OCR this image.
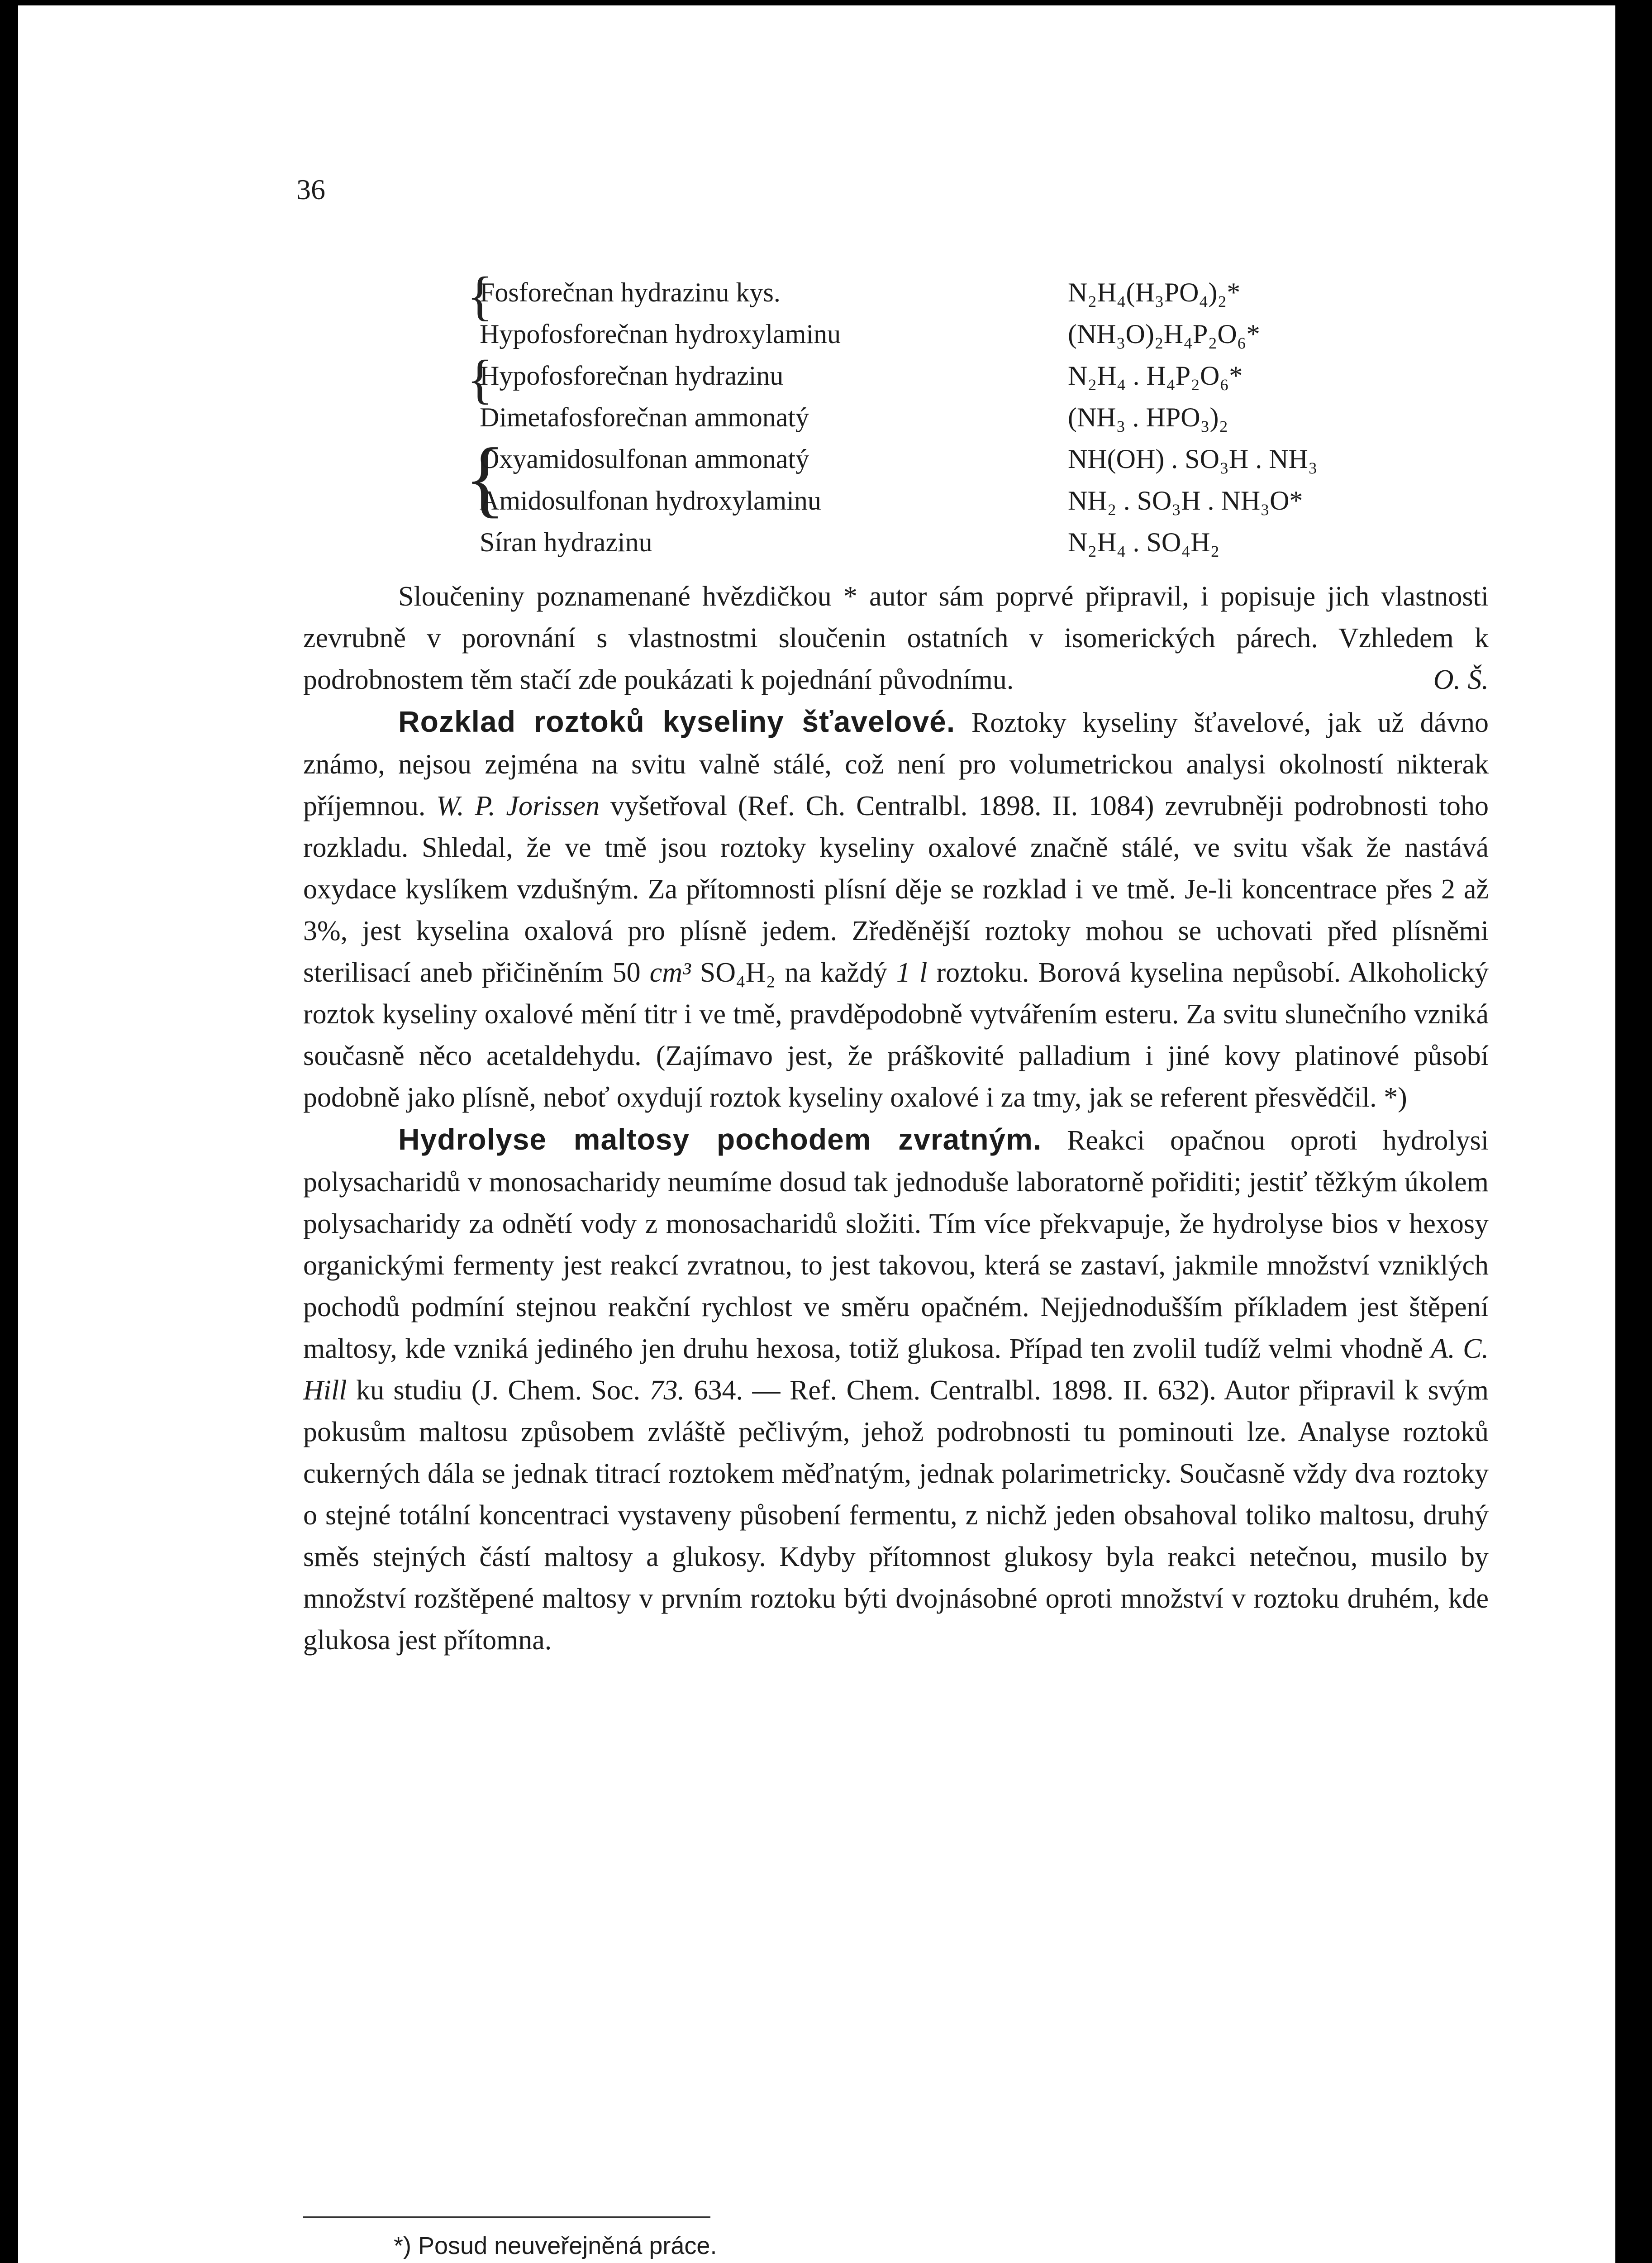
36
{
{
{
Fosforečnan hydrazinu kys.	N₂H₄(H₃PO₄)₂*
Hypofosforečnan hydroxylaminu	(NH₃O)₂H₄P₂O₆*
Hypofosforečnan hydrazinu	N₂H₄ . H₄P₂O₆*
Dimetafosforečnan ammonatý	(NH₃ . HPO₃)₂
Oxyamidosulfonan ammonatý	NH(OH) . SO₃H . NH₃
Amidosulfonan hydroxylaminu	NH₂ . SO₃H . NH₃O*
Síran hydrazinu	N₂H₄ . SO₄H₂

Sloučeniny poznamenané hvězdičkou * autor sám poprvé připravil, i popisuje jich vlastnosti zevrubně v porovnání s vlastnostmi sloučenin ostatních v isomerických párech. Vzhledem k podrobnostem těm stačí zde poukázati k pojednání původnímu.	O. Š.

Rozklad roztoků kyseliny šťavelové. Roztoky kyseliny šťavelové, jak už dávno známo, nejsou zejména na svitu valně stálé, což není pro volumetrickou analysi okolností nikterak příjemnou. W. P. Jorissen vyšetřoval (Ref. Ch. Centralbl. 1898. II. 1084) zevrubněji podrobnosti toho rozkladu. Shledal, že ve tmě jsou roztoky kyseliny oxalové značně stálé, ve svitu však že nastává oxydace kyslíkem vzdušným. Za přítomnosti plísní děje se rozklad i ve tmě. Je-li koncentrace přes 2 až 3%, jest kyselina oxalová pro plísně jedem. Zředěnější roztoky mohou se uchovati před plísněmi sterilisací aneb přičiněním 50 cm³ SO₄H₂ na každý 1 l roztoku. Borová kyselina nepůsobí. Alkoholický roztok kyseliny oxalové mění titr i ve tmě, pravděpodobně vytvářením esteru. Za svitu slunečního vzniká současně něco acetaldehydu. (Zajímavo jest, že práškovité palladium i jiné kovy platinové působí podobně jako plísně, neboť oxydují roztok kyseliny oxalové i za tmy, jak se referent přesvědčil. *)

Hydrolyse maltosy pochodem zvratným. Reakci opačnou oproti hydrolysi polysacharidů v monosacharidy neumíme dosud tak jednoduše laboratorně pořiditi; jestiť těžkým úkolem polysacharidy za odnětí vody z monosacharidů složiti. Tím více překvapuje, že hydrolyse bios v hexosy organickými fermenty jest reakcí zvratnou, to jest takovou, která se zastaví, jakmile množství vzniklých pochodů podmíní stejnou reakční rychlost ve směru opačném. Nejjednodušším příkladem jest štěpení maltosy, kde vzniká jediného jen druhu hexosa, totiž glukosa. Případ ten zvolil tudíž velmi vhodně A. C. Hill ku studiu (J. Chem. Soc. 73. 634. — Ref. Chem. Centralbl. 1898. II. 632). Autor připravil k svým pokusům maltosu způsobem zvláště pečlivým, jehož podrobnosti tu pominouti lze. Analyse roztoků cukerných dála se jednak titrací roztokem měďnatým, jednak polarimetricky. Současně vždy dva roztoky o stejné totální koncentraci vystaveny působení fermentu, z nichž jeden obsahoval toliko maltosu, druhý směs stejných částí maltosy a glukosy. Kdyby přítomnost glukosy byla reakci netečnou, musilo by množství rozštěpené maltosy v prvním roztoku býti dvojnásobné oproti množství v roztoku druhém, kde glukosa jest přítomna.

*) Posud neuveřejněná práce.
